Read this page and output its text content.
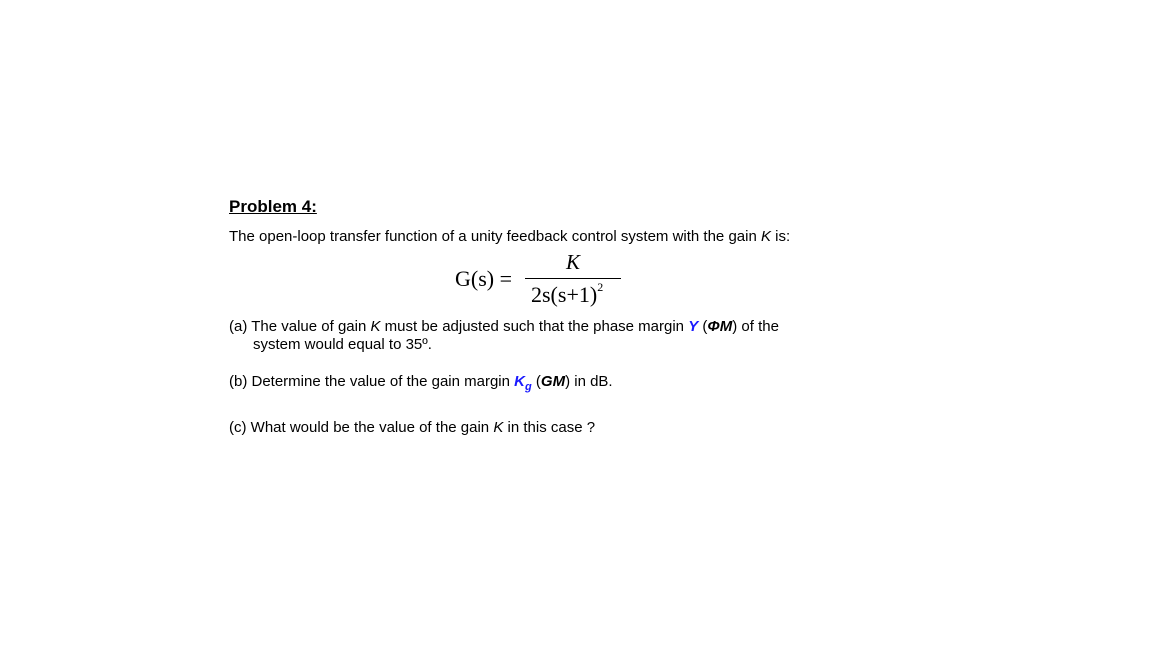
Problem 4:
The open-loop transfer function of a unity feedback control system with the gain K is:
G(s) =
K
$2s(s+1)^2$
(a) The value of gain K must be adjusted such that the phase margin Y (ΦM) of the
system would equal to 35º.
(b) Determine the value of the gain margin $K_g$ (GM) in dB.
(c) What would be the value of the gain K in this case ?
